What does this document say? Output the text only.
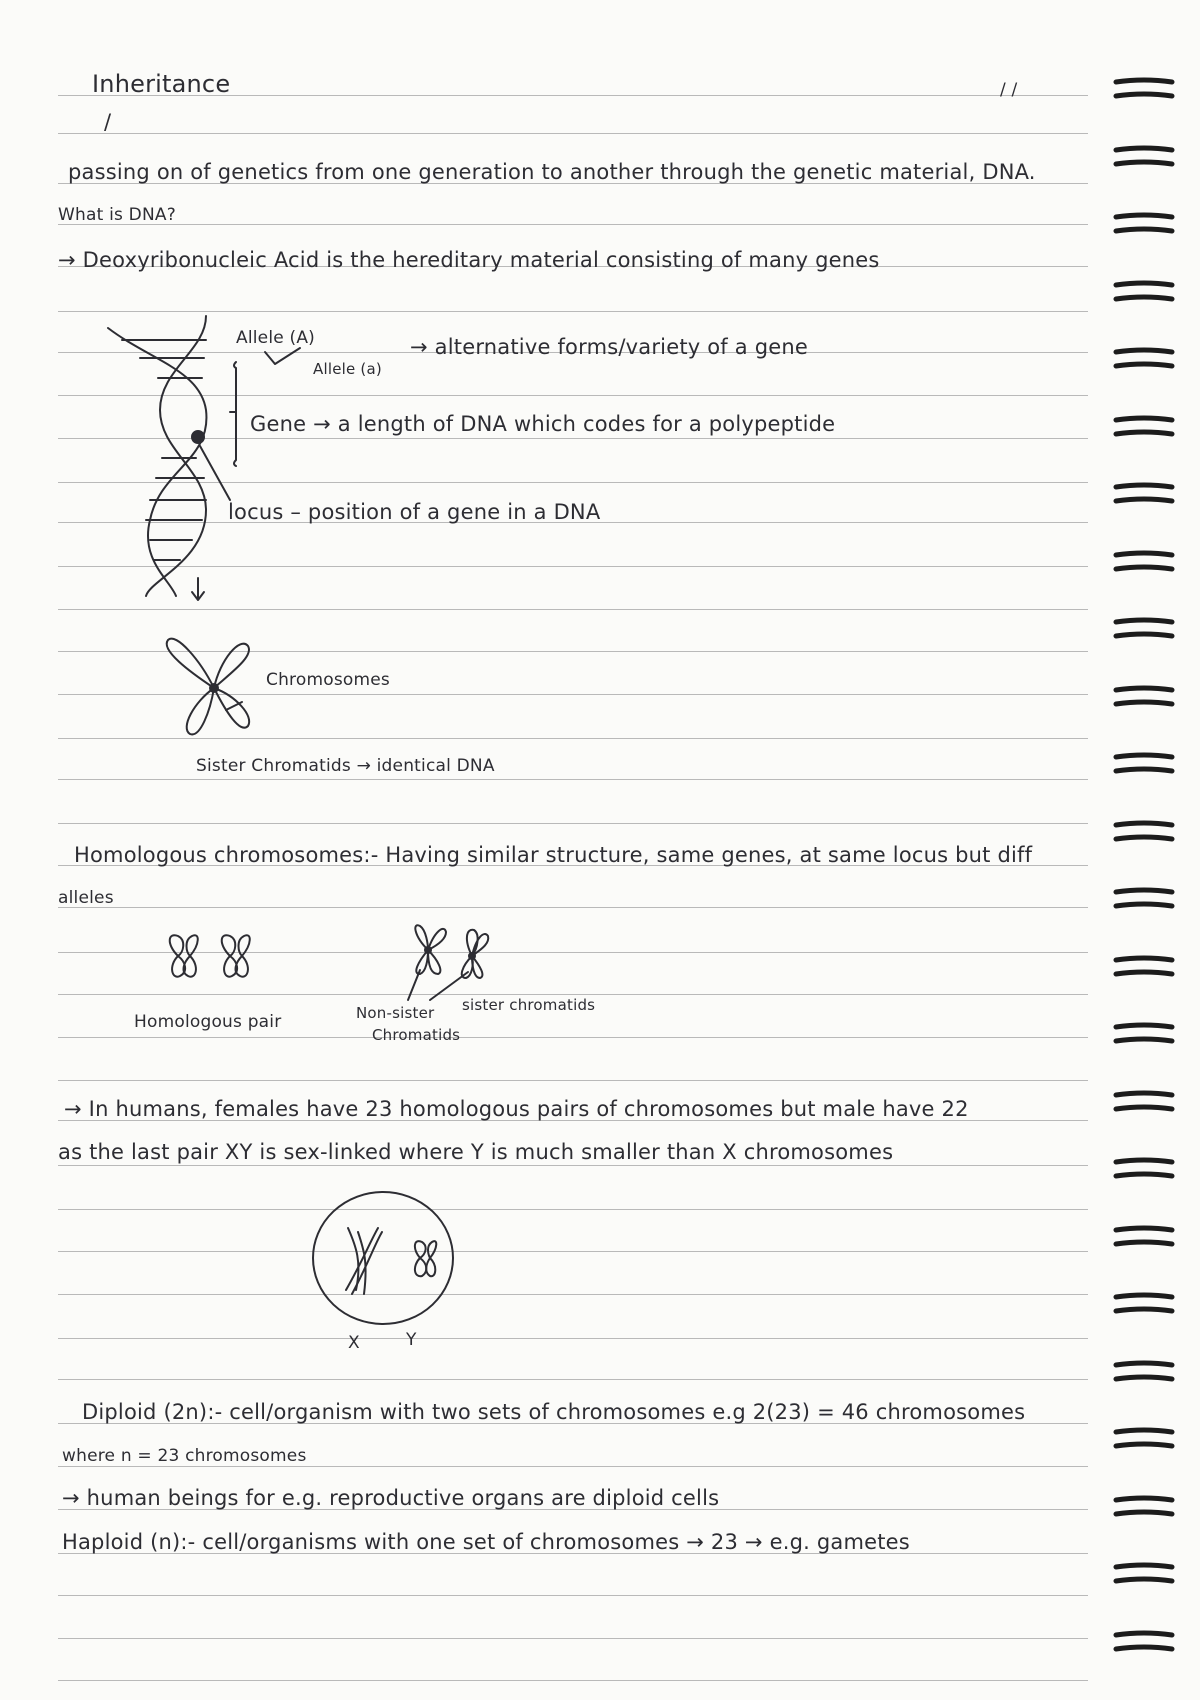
Inheritance
/
/ /
passing on of genetics from one generation to another through the genetic material, DNA.
What is DNA?
→ Deoxyribonucleic Acid is the hereditary material consisting of many genes
Allele (A)
Allele (a)
→ alternative forms/variety of a gene
Gene → a length of DNA which codes for a polypeptide
locus – position of a gene in a DNA
Chromosomes
Sister Chromatids → identical DNA
Homologous chromosomes:- Having similar structure, same genes, at same locus but diff
alleles
Homologous pair	Non-sister
Chromatids
sister chromatids
→ In humans, females have 23 homologous pairs of chromosomes but male have 22
as the last pair XY is sex-linked where Y is much smaller than X chromosomes
X	Y
Diploid (2n):- cell/organism with two sets of chromosomes e.g 2(23) = 46 chromosomes
where n = 23 chromosomes
→ human beings for e.g. reproductive organs are diploid cells
Haploid (n):- cell/organisms with one set of chromosomes → 23 → e.g. gametes
